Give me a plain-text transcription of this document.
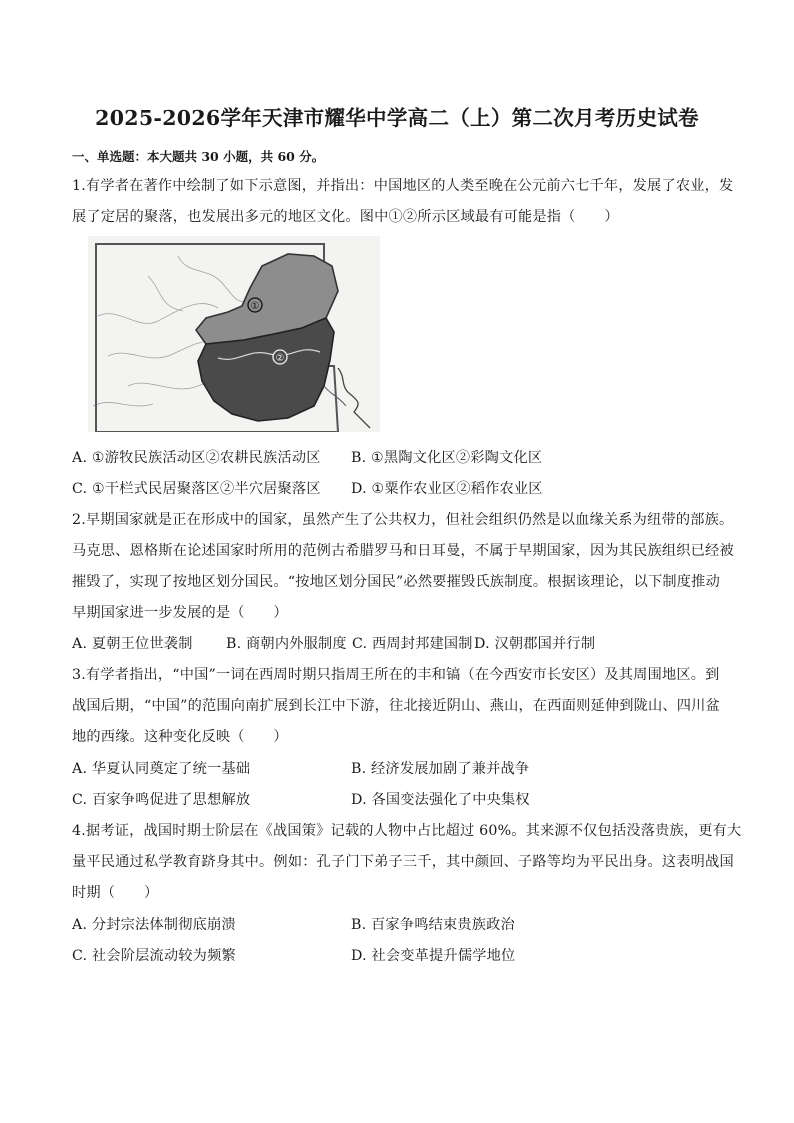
2025-2026学年天津市耀华中学高二（上）第二次月考历史试卷
一、单选题：本大题共 30 小题，共 60 分。
1.有学者在著作中绘制了如下示意图，并指出：中国地区的人类至晚在公元前六七千年，发展了农业，发
展了定居的聚落，也发展出多元的地区文化。图中①②所示区域最有可能是指（　　）
①
②
A. ①游牧民族活动区②农耕民族活动区 B. ①黑陶文化区②彩陶文化区
C. ①干栏式民居聚落区②半穴居聚落区 D. ①粟作农业区②稻作农业区
2.早期国家就是正在形成中的国家，虽然产生了公共权力，但社会组织仍然是以血缘关系为纽带的部族。
马克思、恩格斯在论述国家时所用的范例古希腊罗马和日耳曼，不属于早期国家，因为其民族组织已经被
摧毁了，实现了按地区划分国民。“按地区划分国民”必然要摧毁氏族制度。根据该理论，以下制度推动
早期国家进一步发展的是（　　）
A. 夏朝王位世袭制 B. 商朝内外服制度 C. 西周封邦建国制 D. 汉朝郡国并行制
3.有学者指出，“中国”一词在西周时期只指周王所在的丰和镐（在今西安市长安区）及其周围地区。到
战国后期，“中国”的范围向南扩展到长江中下游，往北接近阴山、燕山，在西面则延伸到陇山、四川盆
地的西缘。这种变化反映（　　）
A. 华夏认同奠定了统一基础	B. 经济发展加剧了兼并战争
C. 百家争鸣促进了思想解放	D. 各国变法强化了中央集权
4.据考证，战国时期士阶层在《战国策》记载的人物中占比超过 60%。其来源不仅包括没落贵族，更有大
量平民通过私学教育跻身其中。例如：孔子门下弟子三千，其中颜回、子路等均为平民出身。这表明战国
时期（　　）
A. 分封宗法体制彻底崩溃	B. 百家争鸣结束贵族政治
C. 社会阶层流动较为频繁	D. 社会变革提升儒学地位
